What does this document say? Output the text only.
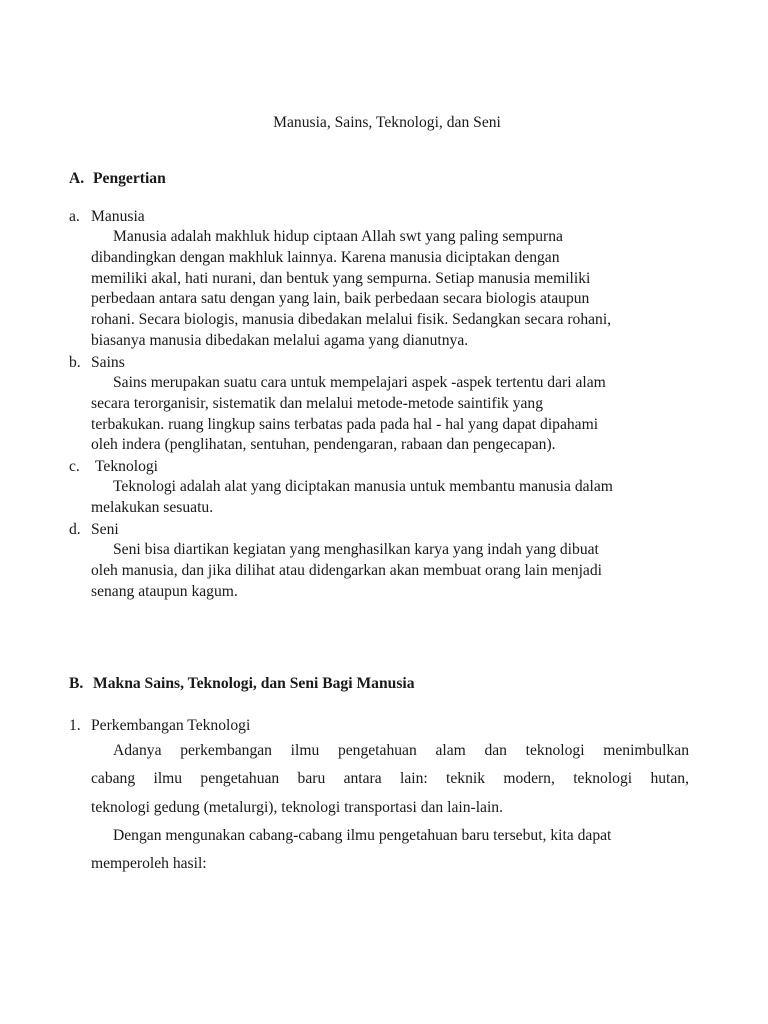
Manusia, Sains, Teknologi, dan Seni
A. Pengertian
a. Manusia
Manusia adalah makhluk hidup ciptaan Allah swt yang paling sempurna
dibandingkan dengan makhluk lainnya. Karena manusia diciptakan dengan
memiliki akal, hati nurani, dan bentuk yang sempurna. Setiap manusia memiliki
perbedaan antara satu dengan yang lain, baik perbedaan secara biologis ataupun
rohani. Secara biologis, manusia dibedakan melalui fisik. Sedangkan secara rohani,
biasanya manusia dibedakan melalui agama yang dianutnya.
b. Sains
Sains merupakan suatu cara untuk mempelajari aspek -aspek tertentu dari alam
secara terorganisir, sistematik dan melalui metode-metode saintifik yang
terbakukan. ruang lingkup sains terbatas pada pada hal - hal yang dapat dipahami
oleh indera (penglihatan, sentuhan, pendengaran, rabaan dan pengecapan).
c. Teknologi
Teknologi adalah alat yang diciptakan manusia untuk membantu manusia dalam
melakukan sesuatu.
d. Seni
Seni bisa diartikan kegiatan yang menghasilkan karya yang indah yang dibuat
oleh manusia, dan jika dilihat atau didengarkan akan membuat orang lain menjadi
senang ataupun kagum.
B. Makna Sains, Teknologi, dan Seni Bagi Manusia
1. Perkembangan Teknologi
Adanya perkembangan ilmu pengetahuan alam dan teknologi menimbulkan
cabang ilmu pengetahuan baru antara lain: teknik modern, teknologi hutan,
teknologi gedung (metalurgi), teknologi transportasi dan lain-lain.
Dengan mengunakan cabang-cabang ilmu pengetahuan baru tersebut, kita dapat
memperoleh hasil:
